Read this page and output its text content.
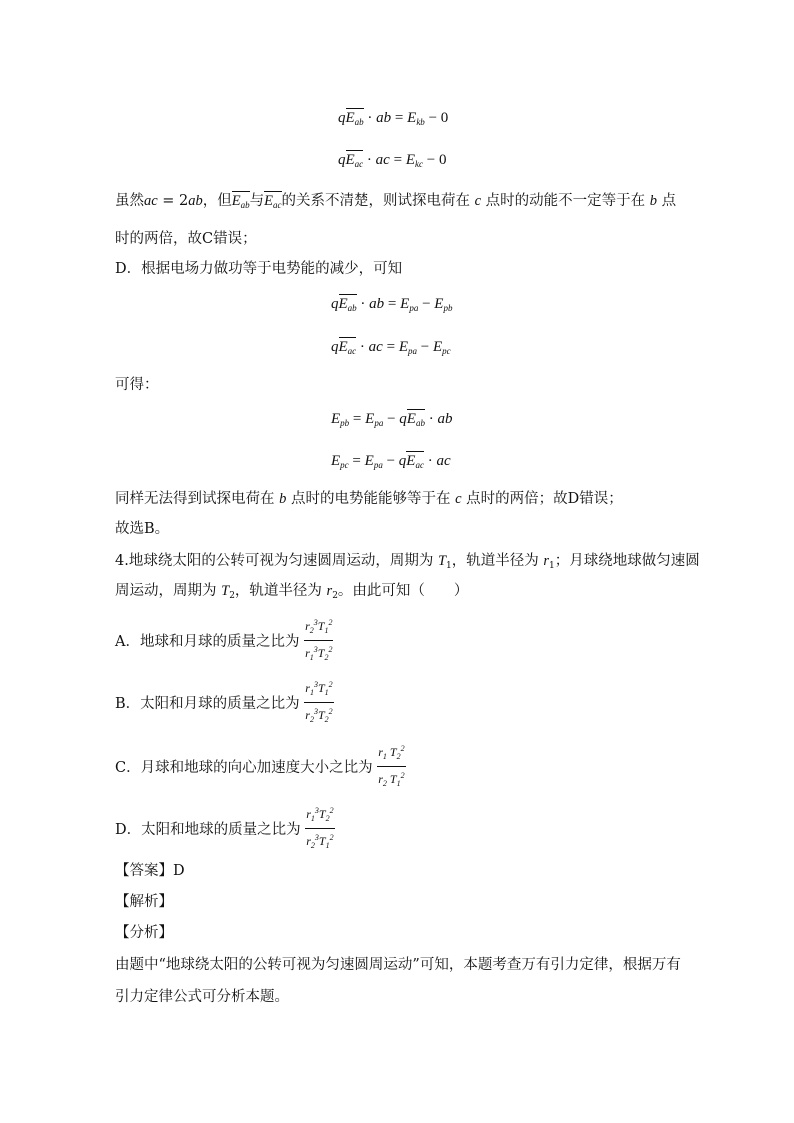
$qE_{ab}$ · ab = $E_{kb} - 0$
$qE_{ac}$ · ac = $E_{kc} - 0$
虽然ac = 2ab，但$E_{ab}$与$E_{ac}$的关系不清楚，则试探电荷在 c 点时的动能不一定等于在 b 点
时的两倍，故C错误；
D．根据电场力做功等于电势能的减少，可知
$qE_{ab}$ · ab = $E_{pa} - E_{pb}$
$qE_{ac}$ · ac = $E_{pa} - E_{pc}$
可得：
$E_{pb} = E_{pa} - qE_{ab}$ · ab
$E_{pc} = E_{pa} - qE_{ac}$ · ac
同样无法得到试探电荷在 b 点时的电势能能够等于在 c 点时的两倍；故D错误；
故选B。
4.地球绕太阳的公转可视为匀速圆周运动，周期为 $T_1$，轨道半径为 $r_1$；月球绕地球做匀速圆
周运动，周期为 $T_2$，轨道半径为 $r_2$。由此可知（　　）
A．地球和月球的质量之比为 $\frac{r_2^3T_1^2}{r_1^3T_2^2}$
B．太阳和月球的质量之比为 $\frac{r_1^3T_1^2}{r_2^3T_2^2}$
C．月球和地球的向心加速度大小之比为 $\frac{r_1 T_2^2}{r_2 T_1^2}$
D．太阳和地球的质量之比为 $\frac{r_1^3T_2^2}{r_2^3T_1^2}$
【答案】D
【解析】
【分析】
由题中“地球绕太阳的公转可视为匀速圆周运动”可知，本题考查万有引力定律，根据万有
引力定律公式可分析本题。
